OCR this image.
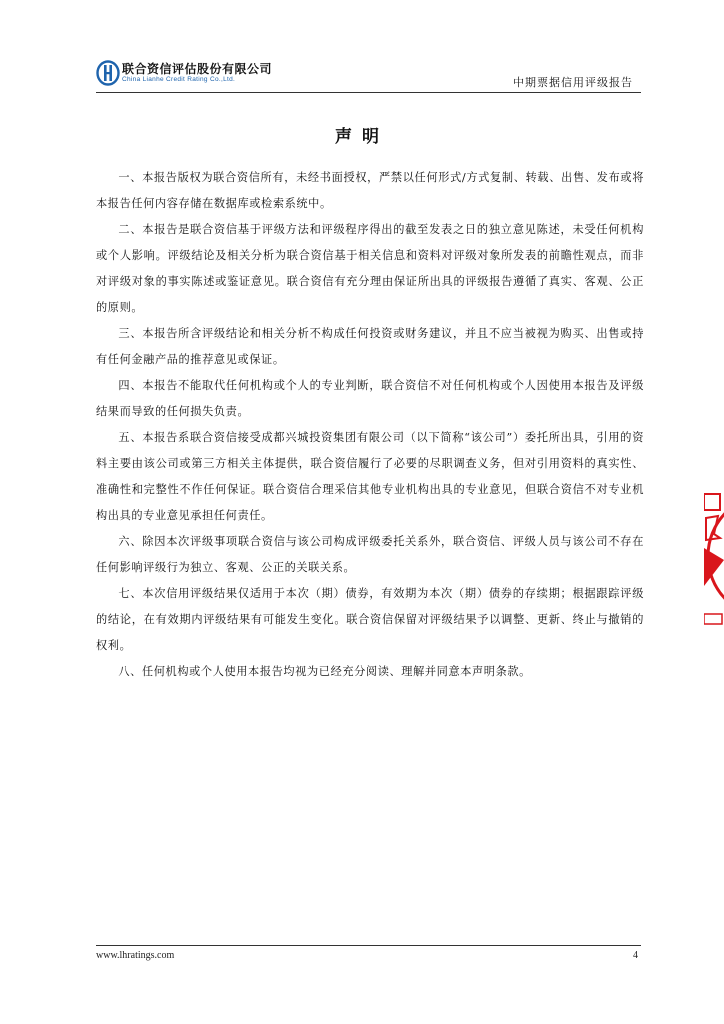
联合资信评估股份有限公司
China Lianhe Credit Rating Co.,Ltd.	中期票据信用评级报告
声明

一、本报告版权为联合资信所有，未经书面授权，严禁以任何形式/方式复制、转载、出售、发布或将本报告任何内容存储在数据库或检索系统中。

二、本报告是联合资信基于评级方法和评级程序得出的截至发表之日的独立意见陈述，未受任何机构或个人影响。评级结论及相关分析为联合资信基于相关信息和资料对评级对象所发表的前瞻性观点，而非对评级对象的事实陈述或鉴证意见。联合资信有充分理由保证所出具的评级报告遵循了真实、客观、公正的原则。

三、本报告所含评级结论和相关分析不构成任何投资或财务建议，并且不应当被视为购买、出售或持有任何金融产品的推荐意见或保证。

四、本报告不能取代任何机构或个人的专业判断，联合资信不对任何机构或个人因使用本报告及评级结果而导致的任何损失负责。

五、本报告系联合资信接受成都兴城投资集团有限公司（以下简称“该公司”）委托所出具，引用的资料主要由该公司或第三方相关主体提供，联合资信履行了必要的尽职调查义务，但对引用资料的真实性、准确性和完整性不作任何保证。联合资信合理采信其他专业机构出具的专业意见，但联合资信不对专业机构出具的专业意见承担任何责任。

六、除因本次评级事项联合资信与该公司构成评级委托关系外，联合资信、评级人员与该公司不存在任何影响评级行为独立、客观、公正的关联关系。

七、本次信用评级结果仅适用于本次（期）债券，有效期为本次（期）债券的存续期；根据跟踪评级的结论，在有效期内评级结果有可能发生变化。联合资信保留对评级结果予以调整、更新、终止与撤销的权利。

八、任何机构或个人使用本报告均视为已经充分阅读、理解并同意本声明条款。

www.lhratings.com	4
